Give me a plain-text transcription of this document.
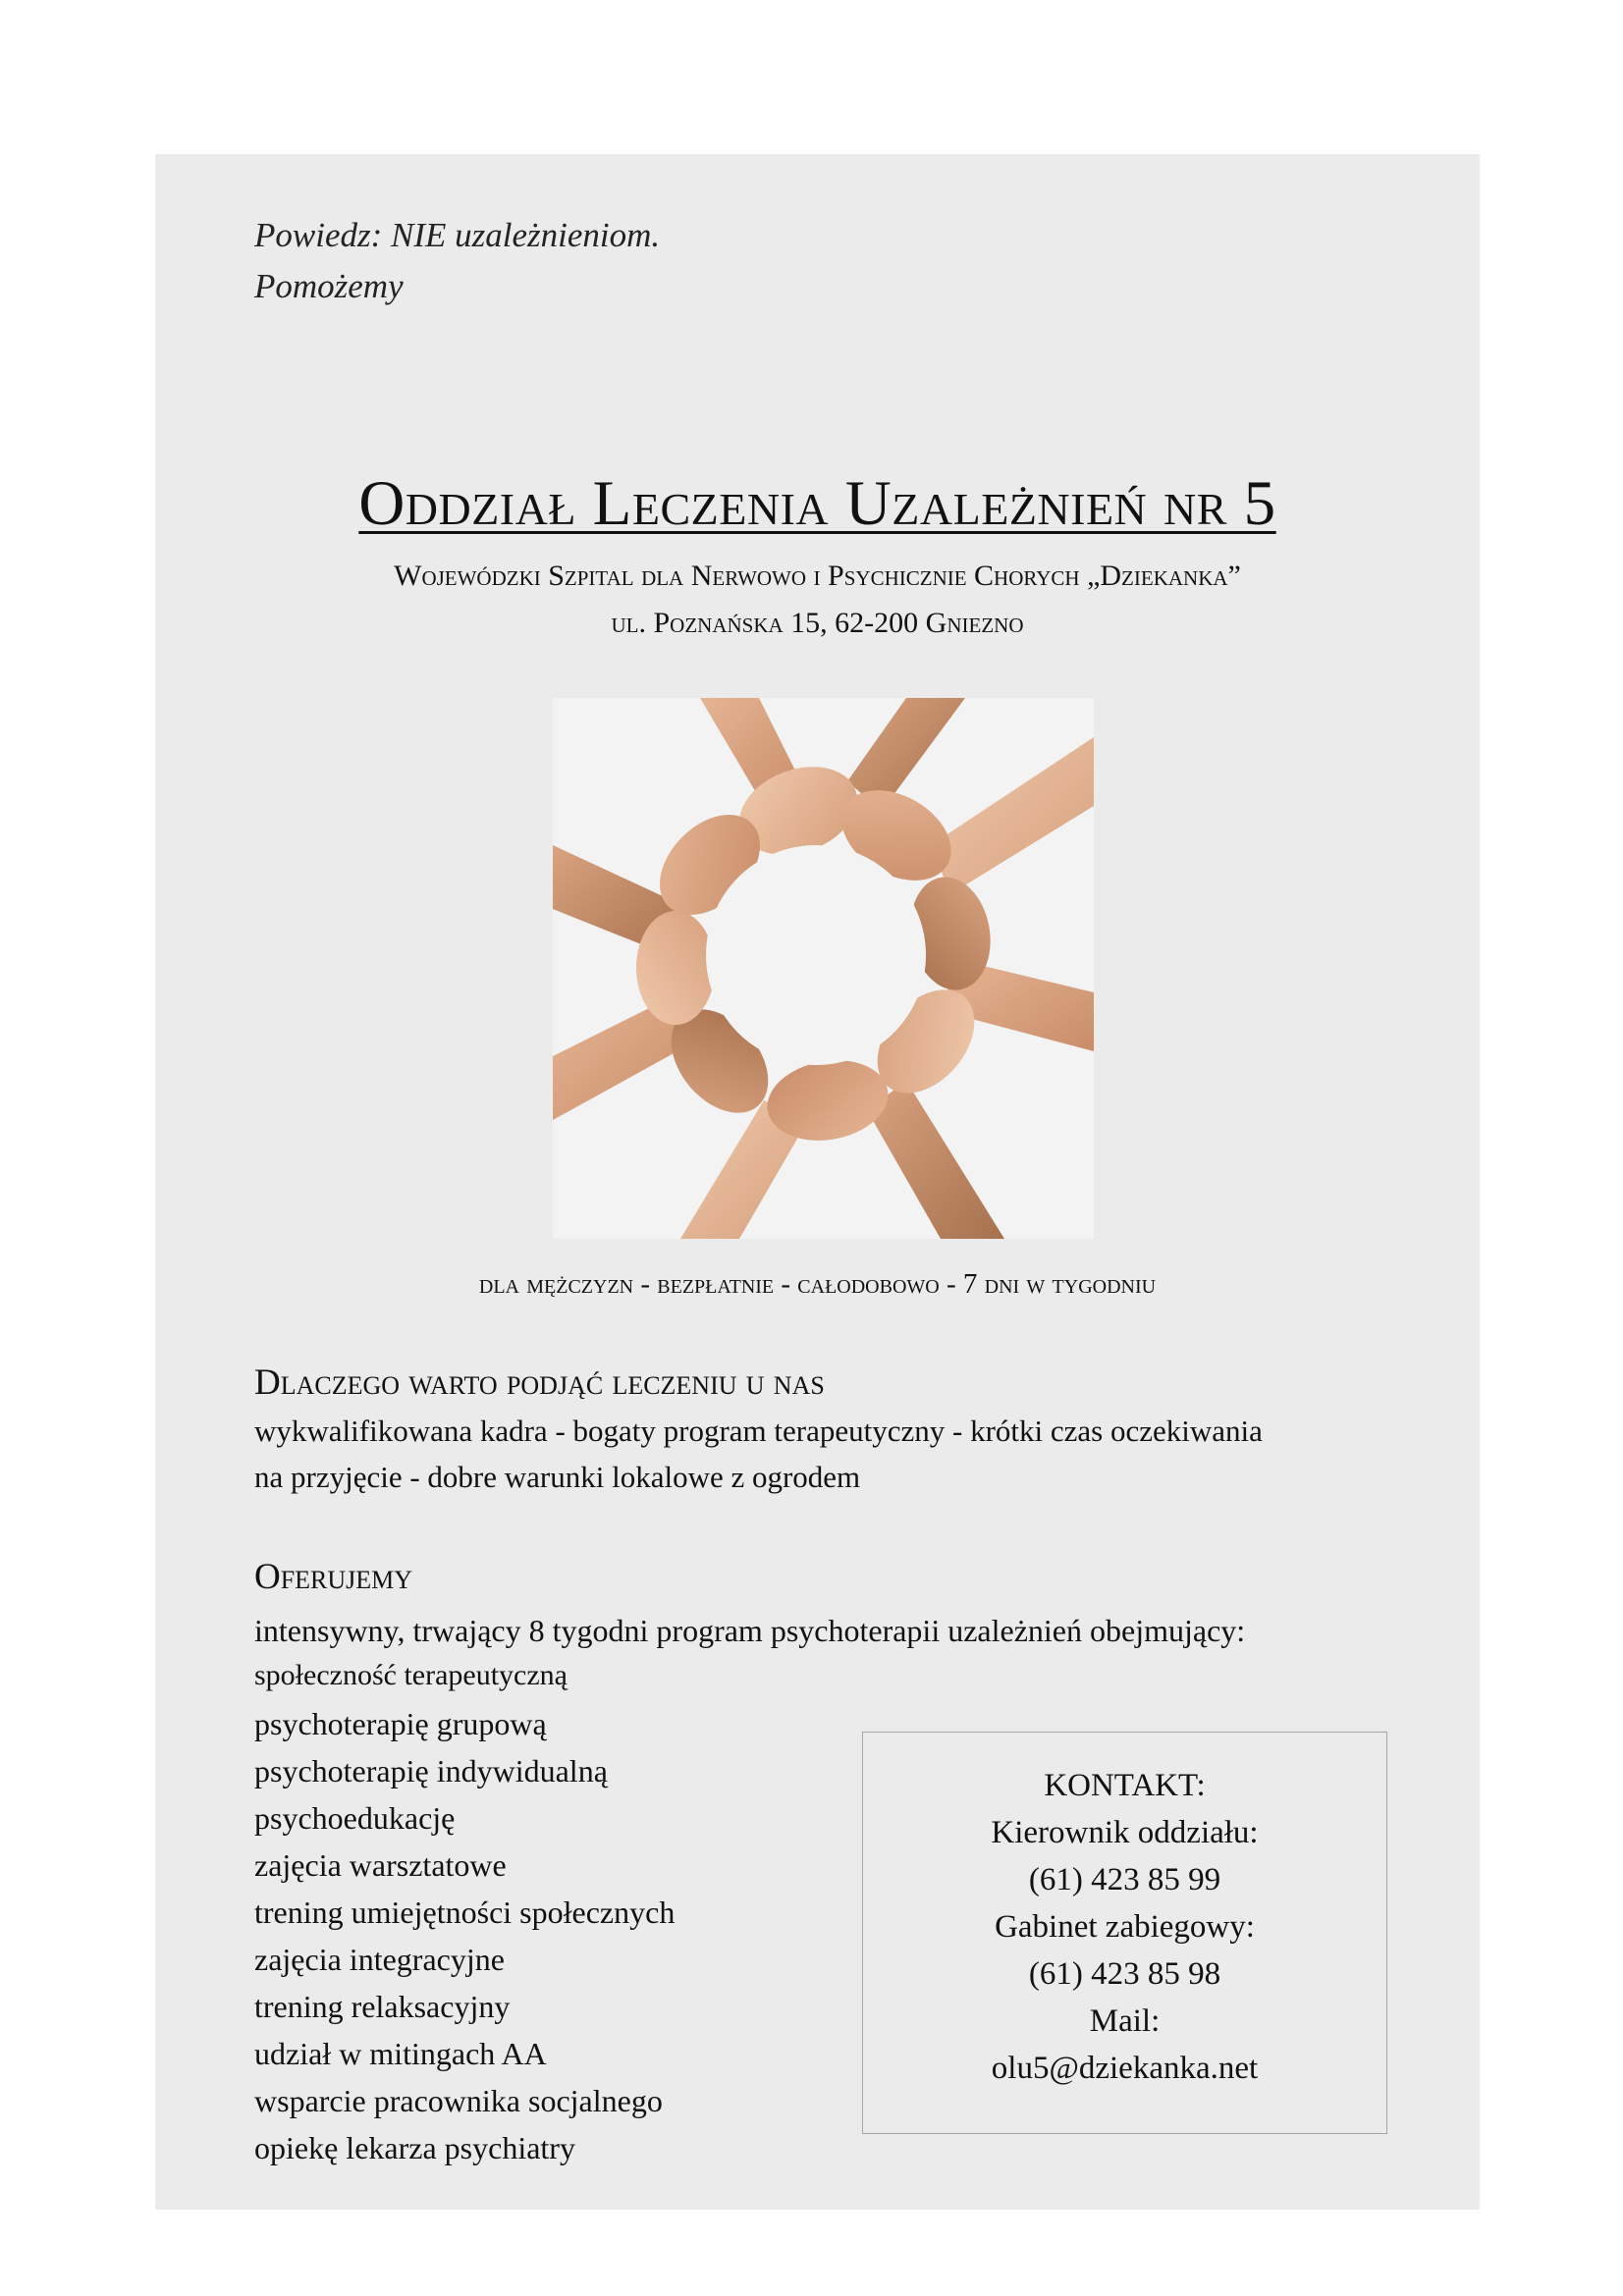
Powiedz: NIE uzależnieniom.
Pomożemy
Oddział Leczenia Uzależnień nr 5
Wojewódzki Szpital dla Nerwowo i Psychicznie Chorych „Dziekanka”
ul. Poznańska 15, 62-200 Gniezno
dla mężczyzn - bezpłatnie - całodobowo - 7 dni w tygodniu
Dlaczego warto podjąć leczeniu u nas
wykwalifikowana kadra - bogaty program terapeutyczny - krótki czas oczekiwania
na przyjęcie - dobre warunki lokalowe z ogrodem
Oferujemy
intensywny, trwający 8 tygodni program psychoterapii uzależnień obejmujący:
społeczność terapeutyczną
psychoterapię grupową
psychoterapię indywidualną
psychoedukację
zajęcia warsztatowe
trening umiejętności społecznych
zajęcia integracyjne
trening relaksacyjny
udział w mitingach AA
wsparcie pracownika socjalnego
opiekę lekarza psychiatry
KONTAKT:
Kierownik oddziału:
(61) 423 85 99
Gabinet zabiegowy:
(61) 423 85 98
Mail:
olu5@dziekanka.net
